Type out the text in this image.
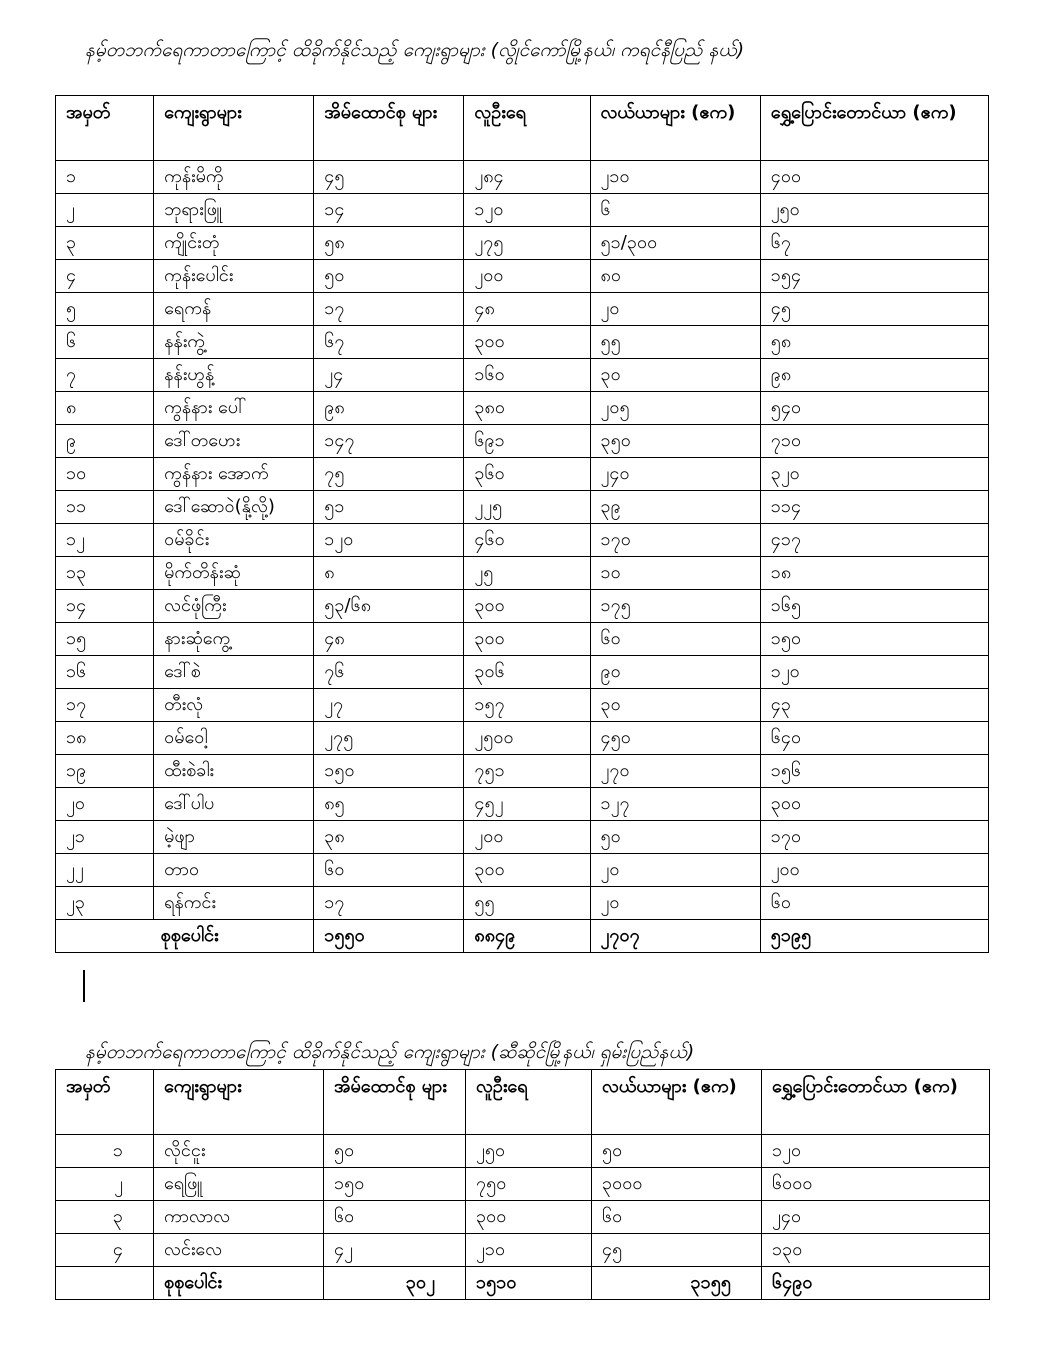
နမ့်တဘက်ရေကာတာကြောင့် ထိခိုက်နိုင်သည့် ကျေးရွာများ (လွိုင်ကော်မြို့နယ်၊ ကရင်နီပြည် နယ်)
အမှတ်	ကျေးရွာများ	အိမ်ထောင်စု များ	လူဦးရေ	လယ်ယာများ (ဧက)	ရွှေ့ပြောင်းတောင်ယာ (ဧက)
၁	ကုန်းမိကို	၄၅	၂၈၄	၂၁၀	၄၀၀
၂	ဘုရားဖြူ	၁၄	၁၂၀	၆	၂၅၀
၃	ကျိုင်းတုံ	၅၈	၂၇၅	၅၁/၃၀၀	၆၇
၄	ကုန်းပေါင်း	၅၀	၂၀၀	၈၀	၁၅၄
၅	ရေကန်	၁၇	၄၈	၂၀	၄၅
၆	နန်းကွဲ့	၆၇	၃၀၀	၅၅	၅၈
၇	နန်းဟွန့်	၂၄	၁၆၀	၃၀	၉၈
၈	ကွန်နား ပေါ်	၉၈	၃၈၀	၂၀၅	၅၄၀
၉	ဒေါ်တဟေး	၁၄၇	၆၉၁	၃၅၀	၇၁၀
၁၀	ကွန်နား အောက်	၇၅	၃၆၀	၂၄၀	၃၂၀
၁၁	ဒေါ်ဆောဝဲ(နို့လို့)	၅၁	၂၂၅	၃၉	၁၁၄
၁၂	ဝမ်ခိုင်း	၁၂၀	၄၆၀	၁၇၀	၄၁၇
၁၃	မိုက်တိန်းဆုံ	၈	၂၅	၁၀	၁၈
၁၄	လင်ဖုံကြီး	၅၃/၆၈	၃၀၀	၁၇၅	၁၆၅
၁၅	နားဆုံကွေ့	၄၈	၃၀၀	၆၀	၁၅၀
၁၆	ဒေါ်စဲ	၇၆	၃၀၆	၉၀	၁၂၀
၁၇	တီးလုံ	၂၇	၁၅၇	၃၀	၄၃
၁၈	ဝမ်ဝေါ့	၂၇၅	၂၅၀၀	၄၅၀	၆၄၀
၁၉	ထီးစဲခါး	၁၅၀	၇၅၁	၂၇၀	၁၅၆
၂၀	ဒေါ်ပါပ	၈၅	၄၅၂	၁၂၇	၃၀၀
၂၁	မဲ့ဖျာ	၃၈	၂၀၀	၅၀	၁၇၀
၂၂	တာဝ	၆၀	၃၀၀	၂၀	၂၀၀
၂၃	ရန်ကင်း	၁၇	၅၅	၂၀	၆၀
စုစုပေါင်း		၁၅၅၀	၈၈၄၉	၂၇၀၇	၅၁၉၅
နမ့်တဘက်ရေကာတာကြောင့် ထိခိုက်နိုင်သည့် ကျေးရွာများ (ဆီဆိုင်မြို့နယ်၊ ရှမ်းပြည်နယ်)
အမှတ်	ကျေးရွာများ	အိမ်ထောင်စု များ	လူဦးရေ	လယ်ယာများ (ဧက)	ရွှေ့ပြောင်းတောင်ယာ (ဧက)
၁	လိုင်ငူး	၅၀	၂၅၀	၅၀	၁၂၀
၂	ရေဖြူ	၁၅၀	၇၅၀	၃၀၀၀	၆၀၀၀
၃	ကာလာလ	၆၀	၃၀၀	၆၀	၂၄၀
၄	လင်းလေ	၄၂	၂၁၀	၄၅	၁၃၀
	စုစုပေါင်း	၃၀၂	၁၅၁၀	၃၁၅၅	၆၄၉၀
